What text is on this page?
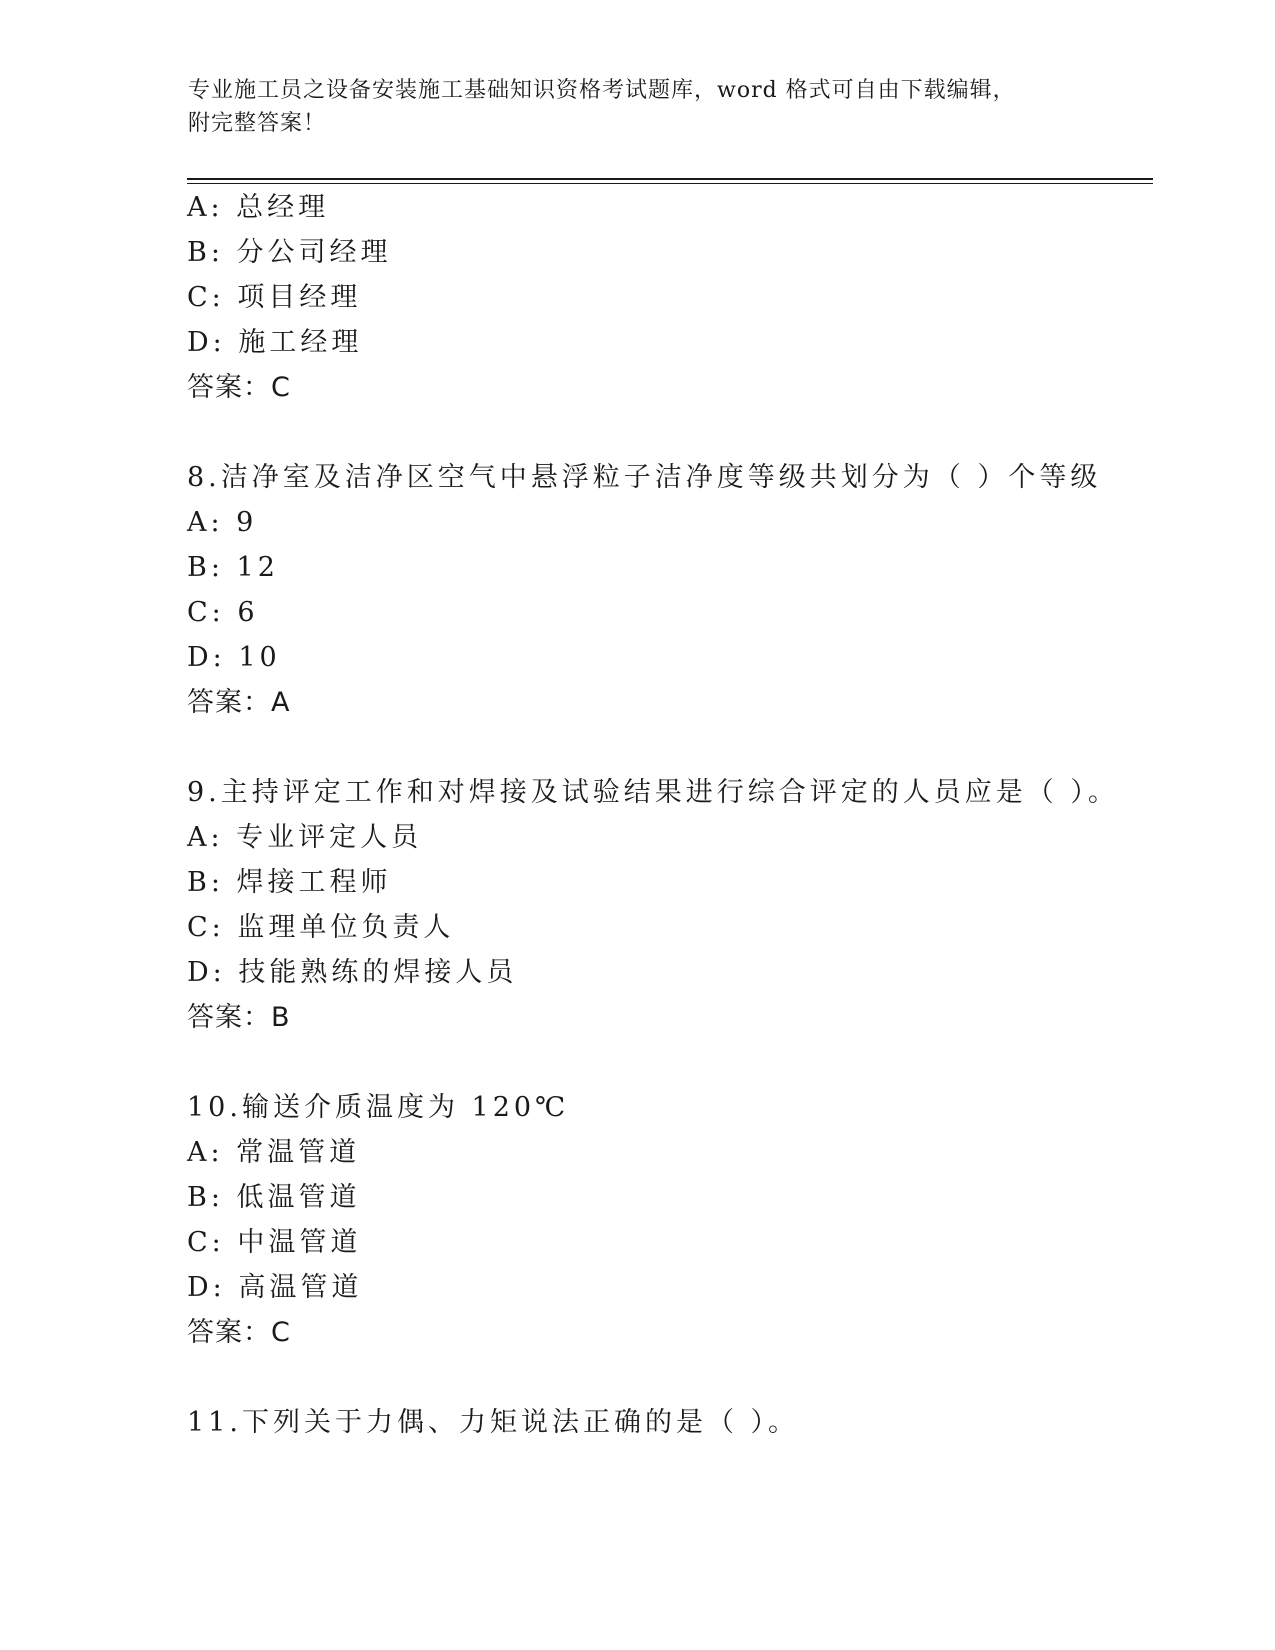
专业施工员之设备安装施工基础知识资格考试题库，word 格式可自由下载编辑，
附完整答案！
A: 总经理
B: 分公司经理
C: 项目经理
D: 施工经理
答案：C
8.洁净室及洁净区空气中悬浮粒子洁净度等级共划分为（ ）个等级
A: 9
B: 12
C: 6
D: 10
答案：A
9.主持评定工作和对焊接及试验结果进行综合评定的人员应是（ ）。
A: 专业评定人员
B: 焊接工程师
C: 监理单位负责人
D: 技能熟练的焊接人员
答案：B
10.输送介质温度为 120℃
A: 常温管道
B: 低温管道
C: 中温管道
D: 高温管道
答案：C
11.下列关于力偶、力矩说法正确的是（ ）。
